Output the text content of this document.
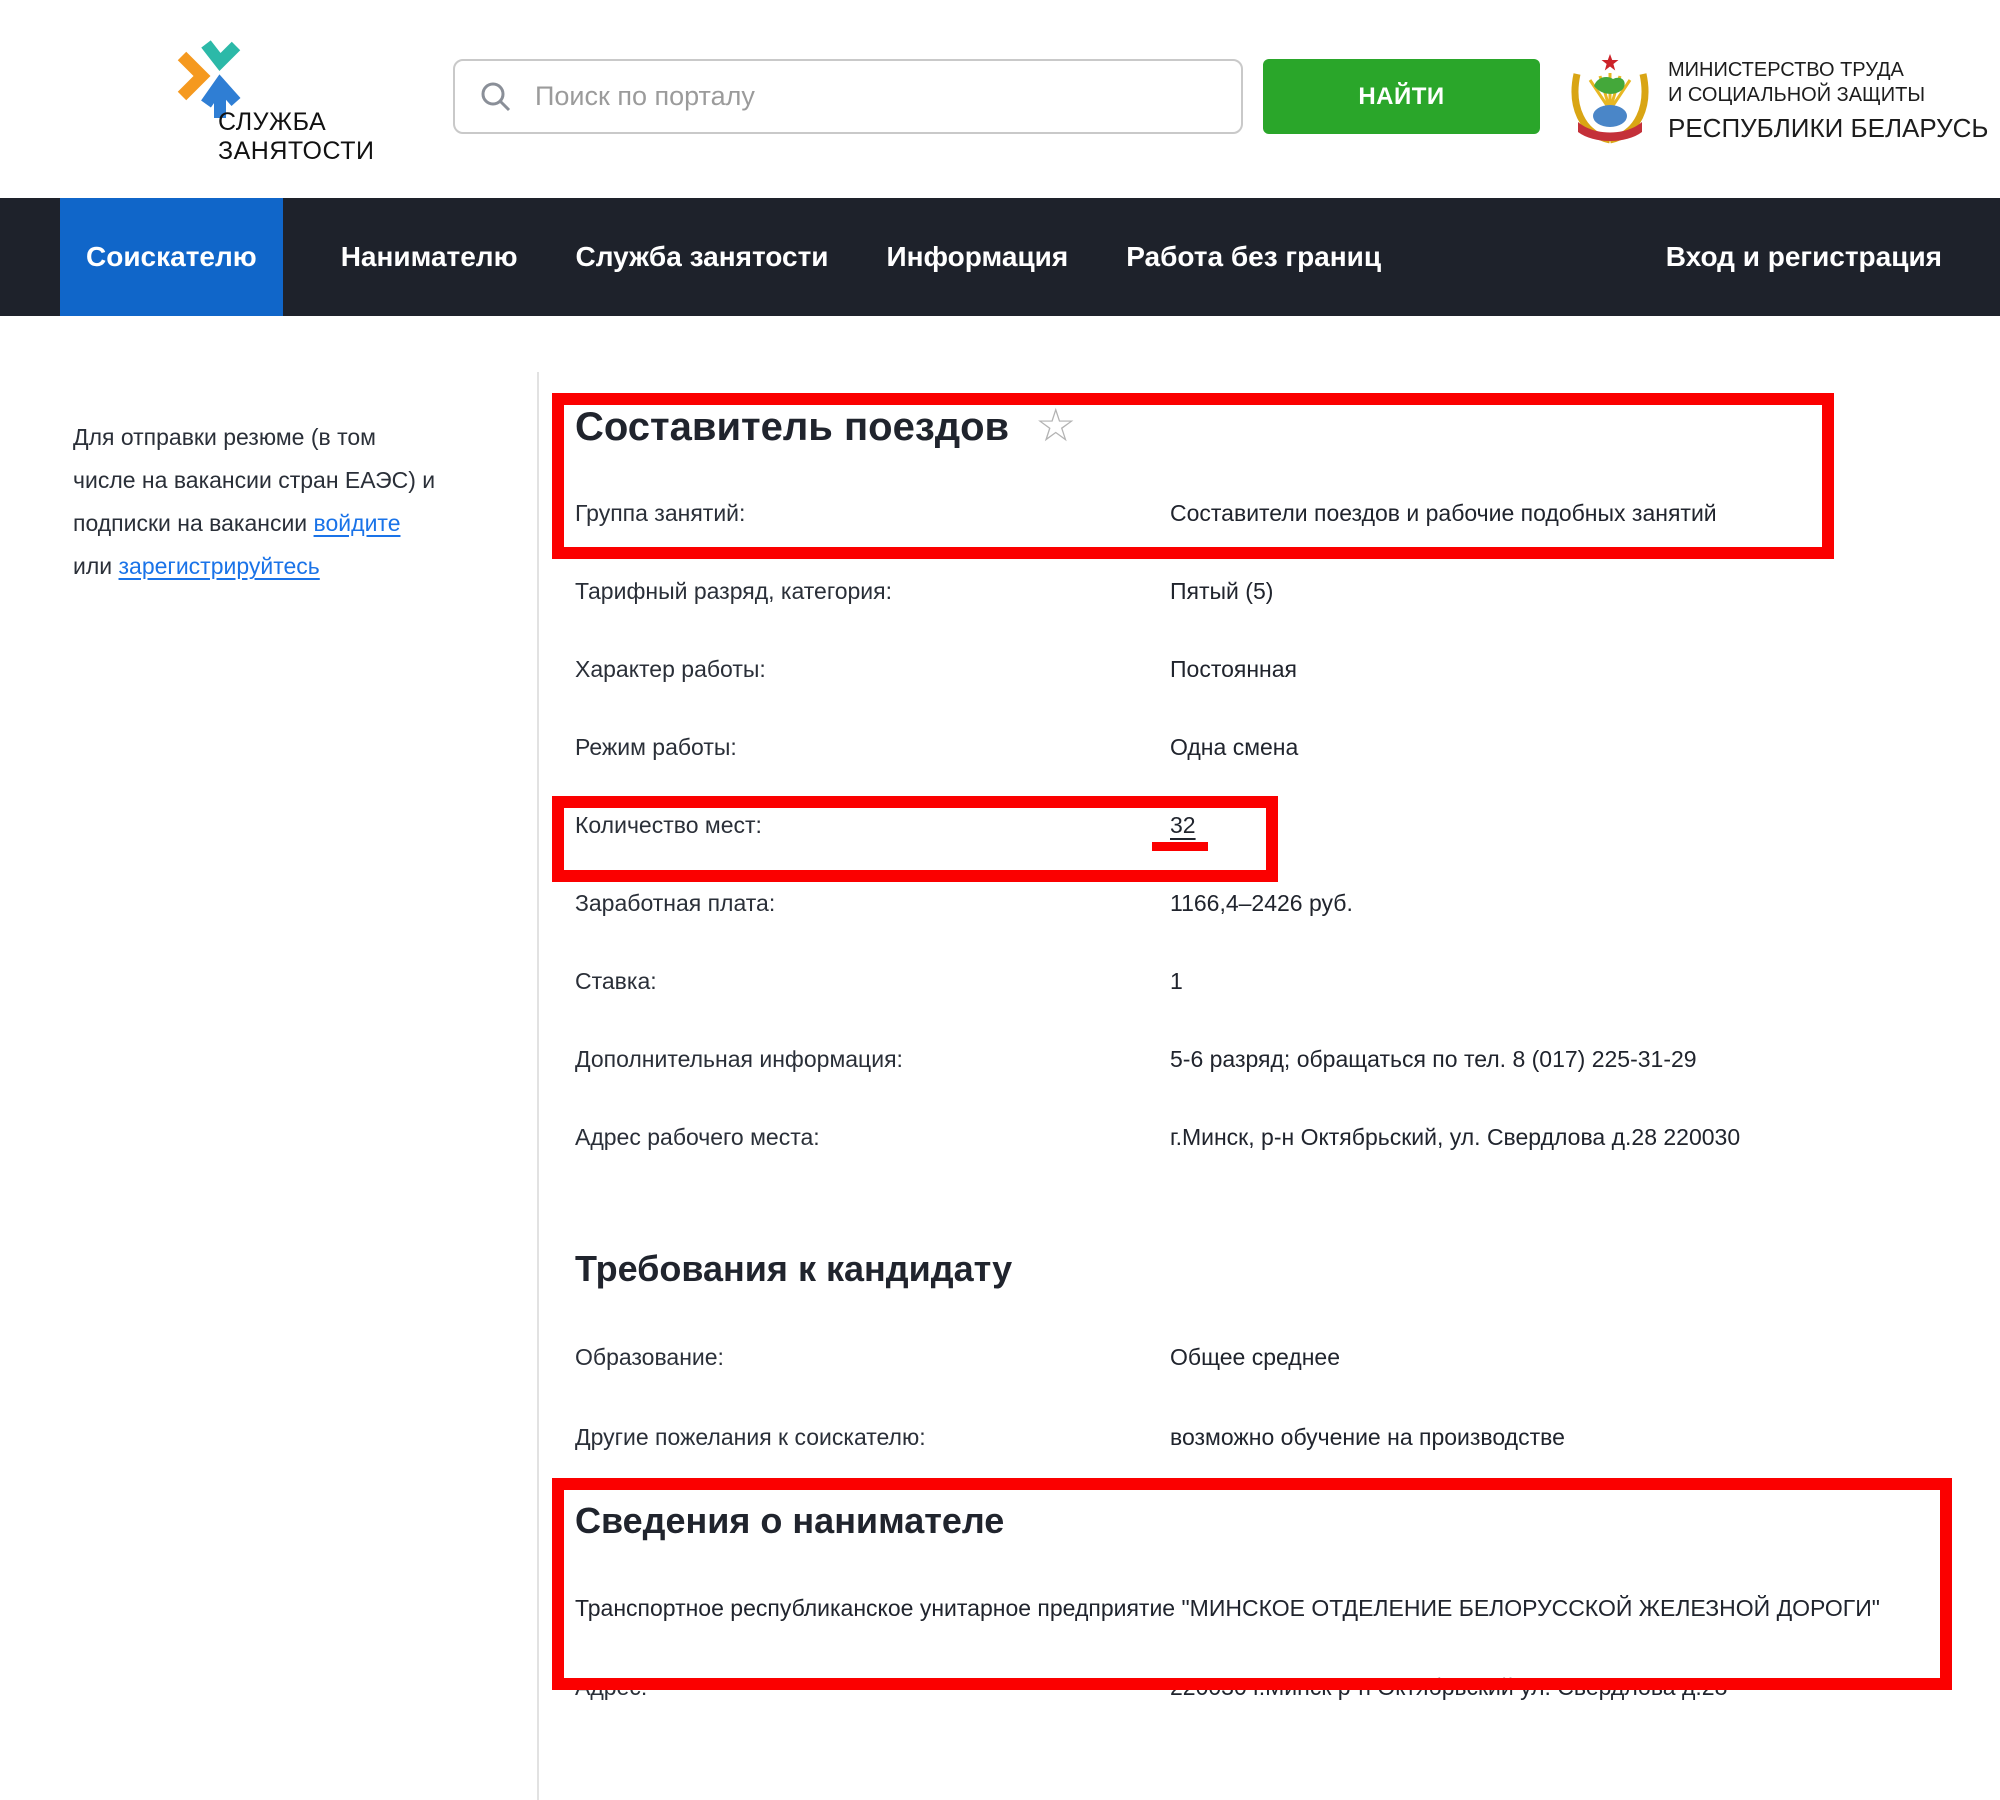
СЛУЖБА
ЗАНЯТОСТИ
Поиск по порталу
НАЙТИ
МИНИСТЕРСТВО ТРУДА
И СОЦИАЛЬНОЙ ЗАЩИТЫ
РЕСПУБЛИКИ БЕЛАРУСЬ
Соискателю	Нанимателю Служба занятости Информация Работа без границ	Вход и регистрация
Для отправки резюме (в том
числе на вакансии стран ЕАЭС) и
подписки на вакансии войдите
или зарегистрируйтесь
Составитель поездов ☆
Группа занятий:	Составители поездов и рабочие подобных занятий
Тарифный разряд, категория:	Пятый (5)
Характер работы:	Постоянная
Режим работы:	Одна смена
Количество мест:	32
Заработная плата:	1166,4–2426 руб.
Ставка:	1
Дополнительная информация:	5-6 разряд; обращаться по тел. 8 (017) 225-31-29
Адрес рабочего места:	г.Минск, р-н Октябрьский, ул. Свердлова д.28 220030
Требования к кандидату
Образование:	Общее среднее
Другие пожелания к соискателю:	возможно обучение на производстве
Сведения о нанимателе
Транспортное республиканское унитарное предприятие "МИНСКОЕ ОТДЕЛЕНИЕ БЕЛОРУССКОЙ ЖЕЛЕЗНОЙ ДОРОГИ"
Адрес:	220030 г.Минск р-н Октябрьский ул. Свердлова д.28
